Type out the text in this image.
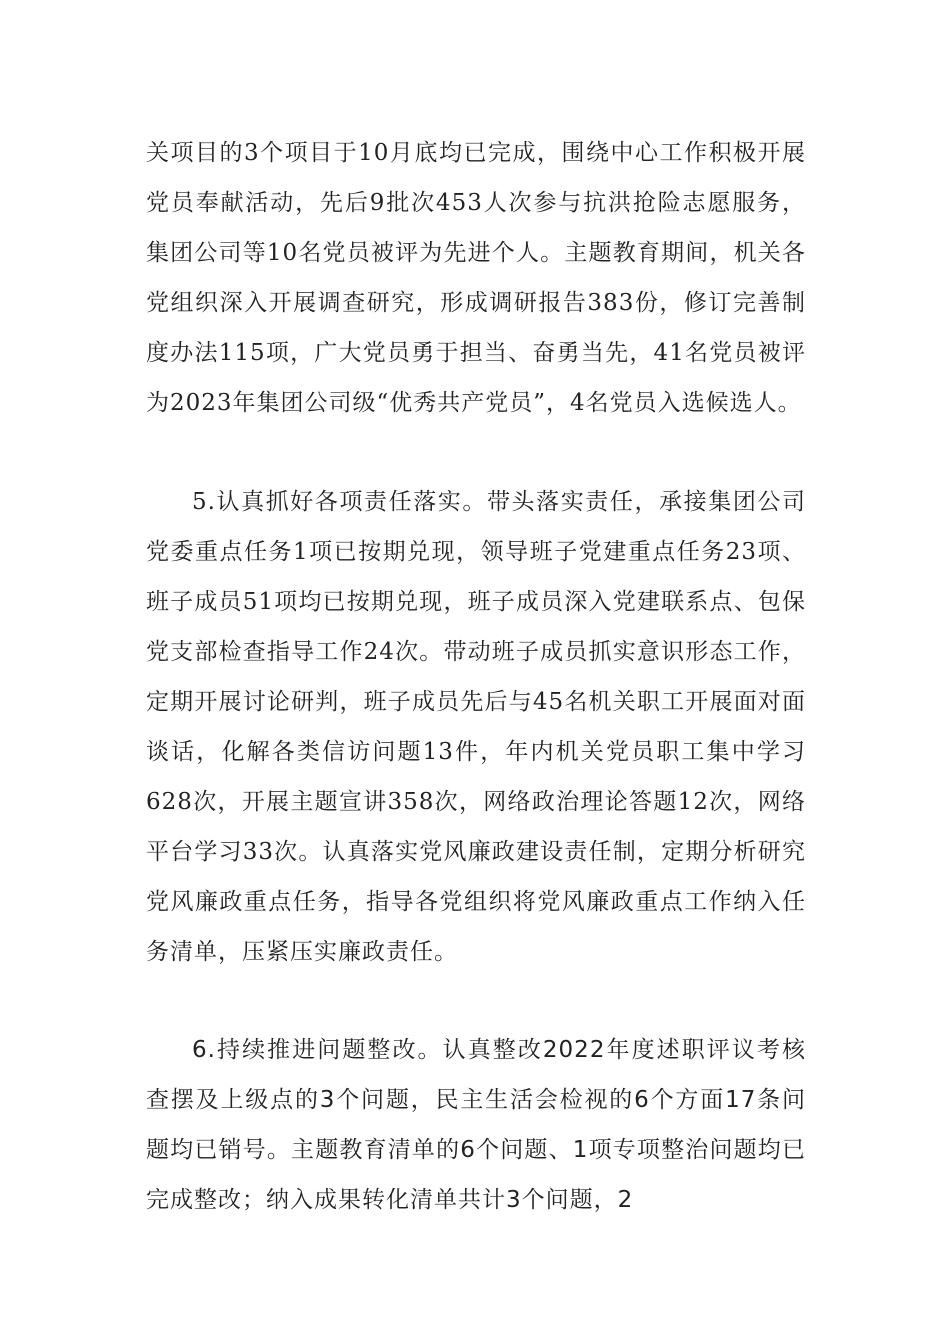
关项目的3个项目于10月底均已完成，围绕中心工作积极开展党员奉献活动，先后9批次453人次参与抗洪抢险志愿服务，集团公司等10名党员被评为先进个人。主题教育期间，机关各党组织深入开展调查研究，形成调研报告383份，修订完善制度办法115项，广大党员勇于担当、奋勇当先，41名党员被评为2023年集团公司级“优秀共产党员”，4名党员入选候选人。
5.认真抓好各项责任落实。带头落实责任，承接集团公司党委重点任务1项已按期兑现，领导班子党建重点任务23项、班子成员51项均已按期兑现，班子成员深入党建联系点、包保党支部检查指导工作24次。带动班子成员抓实意识形态工作，定期开展讨论研判，班子成员先后与45名机关职工开展面对面谈话，化解各类信访问题13件，年内机关党员职工集中学习628次，开展主题宣讲358次，网络政治理论答题12次，网络平台学习33次。认真落实党风廉政建设责任制，定期分析研究党风廉政重点任务，指导各党组织将党风廉政重点工作纳入任务清单，压紧压实廉政责任。
6.持续推进问题整改。认真整改2022年度述职评议考核查摆及上级点的3个问题，民主生活会检视的6个方面17条问题均已销号。主题教育清单的6个问题、1项专项整治问题均已完成整改；纳入成果转化清单共计3个问题，2
